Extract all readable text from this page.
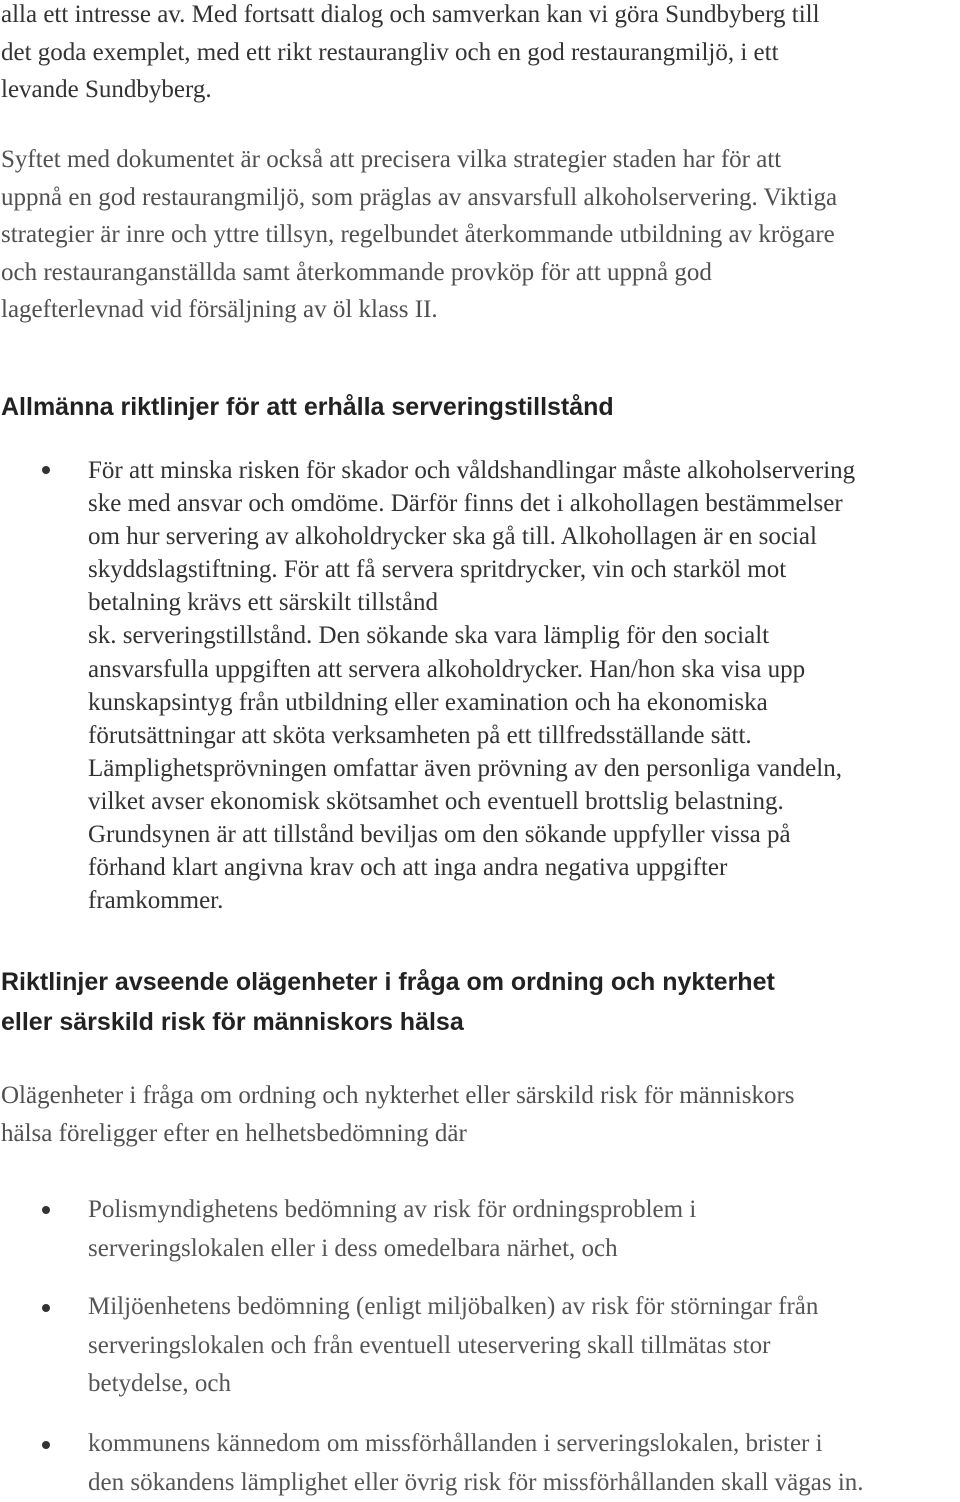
alla ett intresse av. Med fortsatt dialog och samverkan kan vi göra Sundbyberg till
det goda exemplet, med ett rikt restaurangliv och en god restaurangmiljö, i ett
levande Sundbyberg.

Syftet med dokumentet är också att precisera vilka strategier staden har för att
uppnå en god restaurangmiljö, som präglas av ansvarsfull alkoholservering. Viktiga
strategier är inre och yttre tillsyn, regelbundet återkommande utbildning av krögare
och restauranganställda samt återkommande provköp för att uppnå god
lagefterlevnad vid försäljning av öl klass II.

Allmänna riktlinjer för att erhålla serveringstillstånd
För att minska risken för skador och våldshandlingar måste alkoholservering
ske med ansvar och omdöme. Därför finns det i alkohollagen bestämmelser
om hur servering av alkoholdrycker ska gå till. Alkohollagen är en social
skyddslagstiftning. För att få servera spritdrycker, vin och starköl mot
betalning krävs ett särskilt tillstånd
sk. serveringstillstånd. Den sökande ska vara lämplig för den socialt
ansvarsfulla uppgiften att servera alkoholdrycker. Han/hon ska visa upp
kunskapsintyg från utbildning eller examination och ha ekonomiska
förutsättningar att sköta verksamheten på ett tillfredsställande sätt.
Lämplighetsprövningen omfattar även prövning av den personliga vandeln,
vilket avser ekonomisk skötsamhet och eventuell brottslig belastning.
Grundsynen är att tillstånd beviljas om den sökande uppfyller vissa på
förhand klart angivna krav och att inga andra negativa uppgifter
framkommer.
Riktlinjer avseende olägenheter i fråga om ordning och nykterhet
eller särskild risk för människors hälsa

Olägenheter i fråga om ordning och nykterhet eller särskild risk för människors
hälsa föreligger efter en helhetsbedömning där

Polismyndighetens bedömning av risk för ordningsproblem i
serveringslokalen eller i dess omedelbara närhet, och
Miljöenhetens bedömning (enligt miljöbalken) av risk för störningar från
serveringslokalen och från eventuell uteservering skall tillmätas stor
betydelse, och
kommunens kännedom om missförhållanden i serveringslokalen, brister i
den sökandens lämplighet eller övrig risk för missförhållanden skall vägas in.
